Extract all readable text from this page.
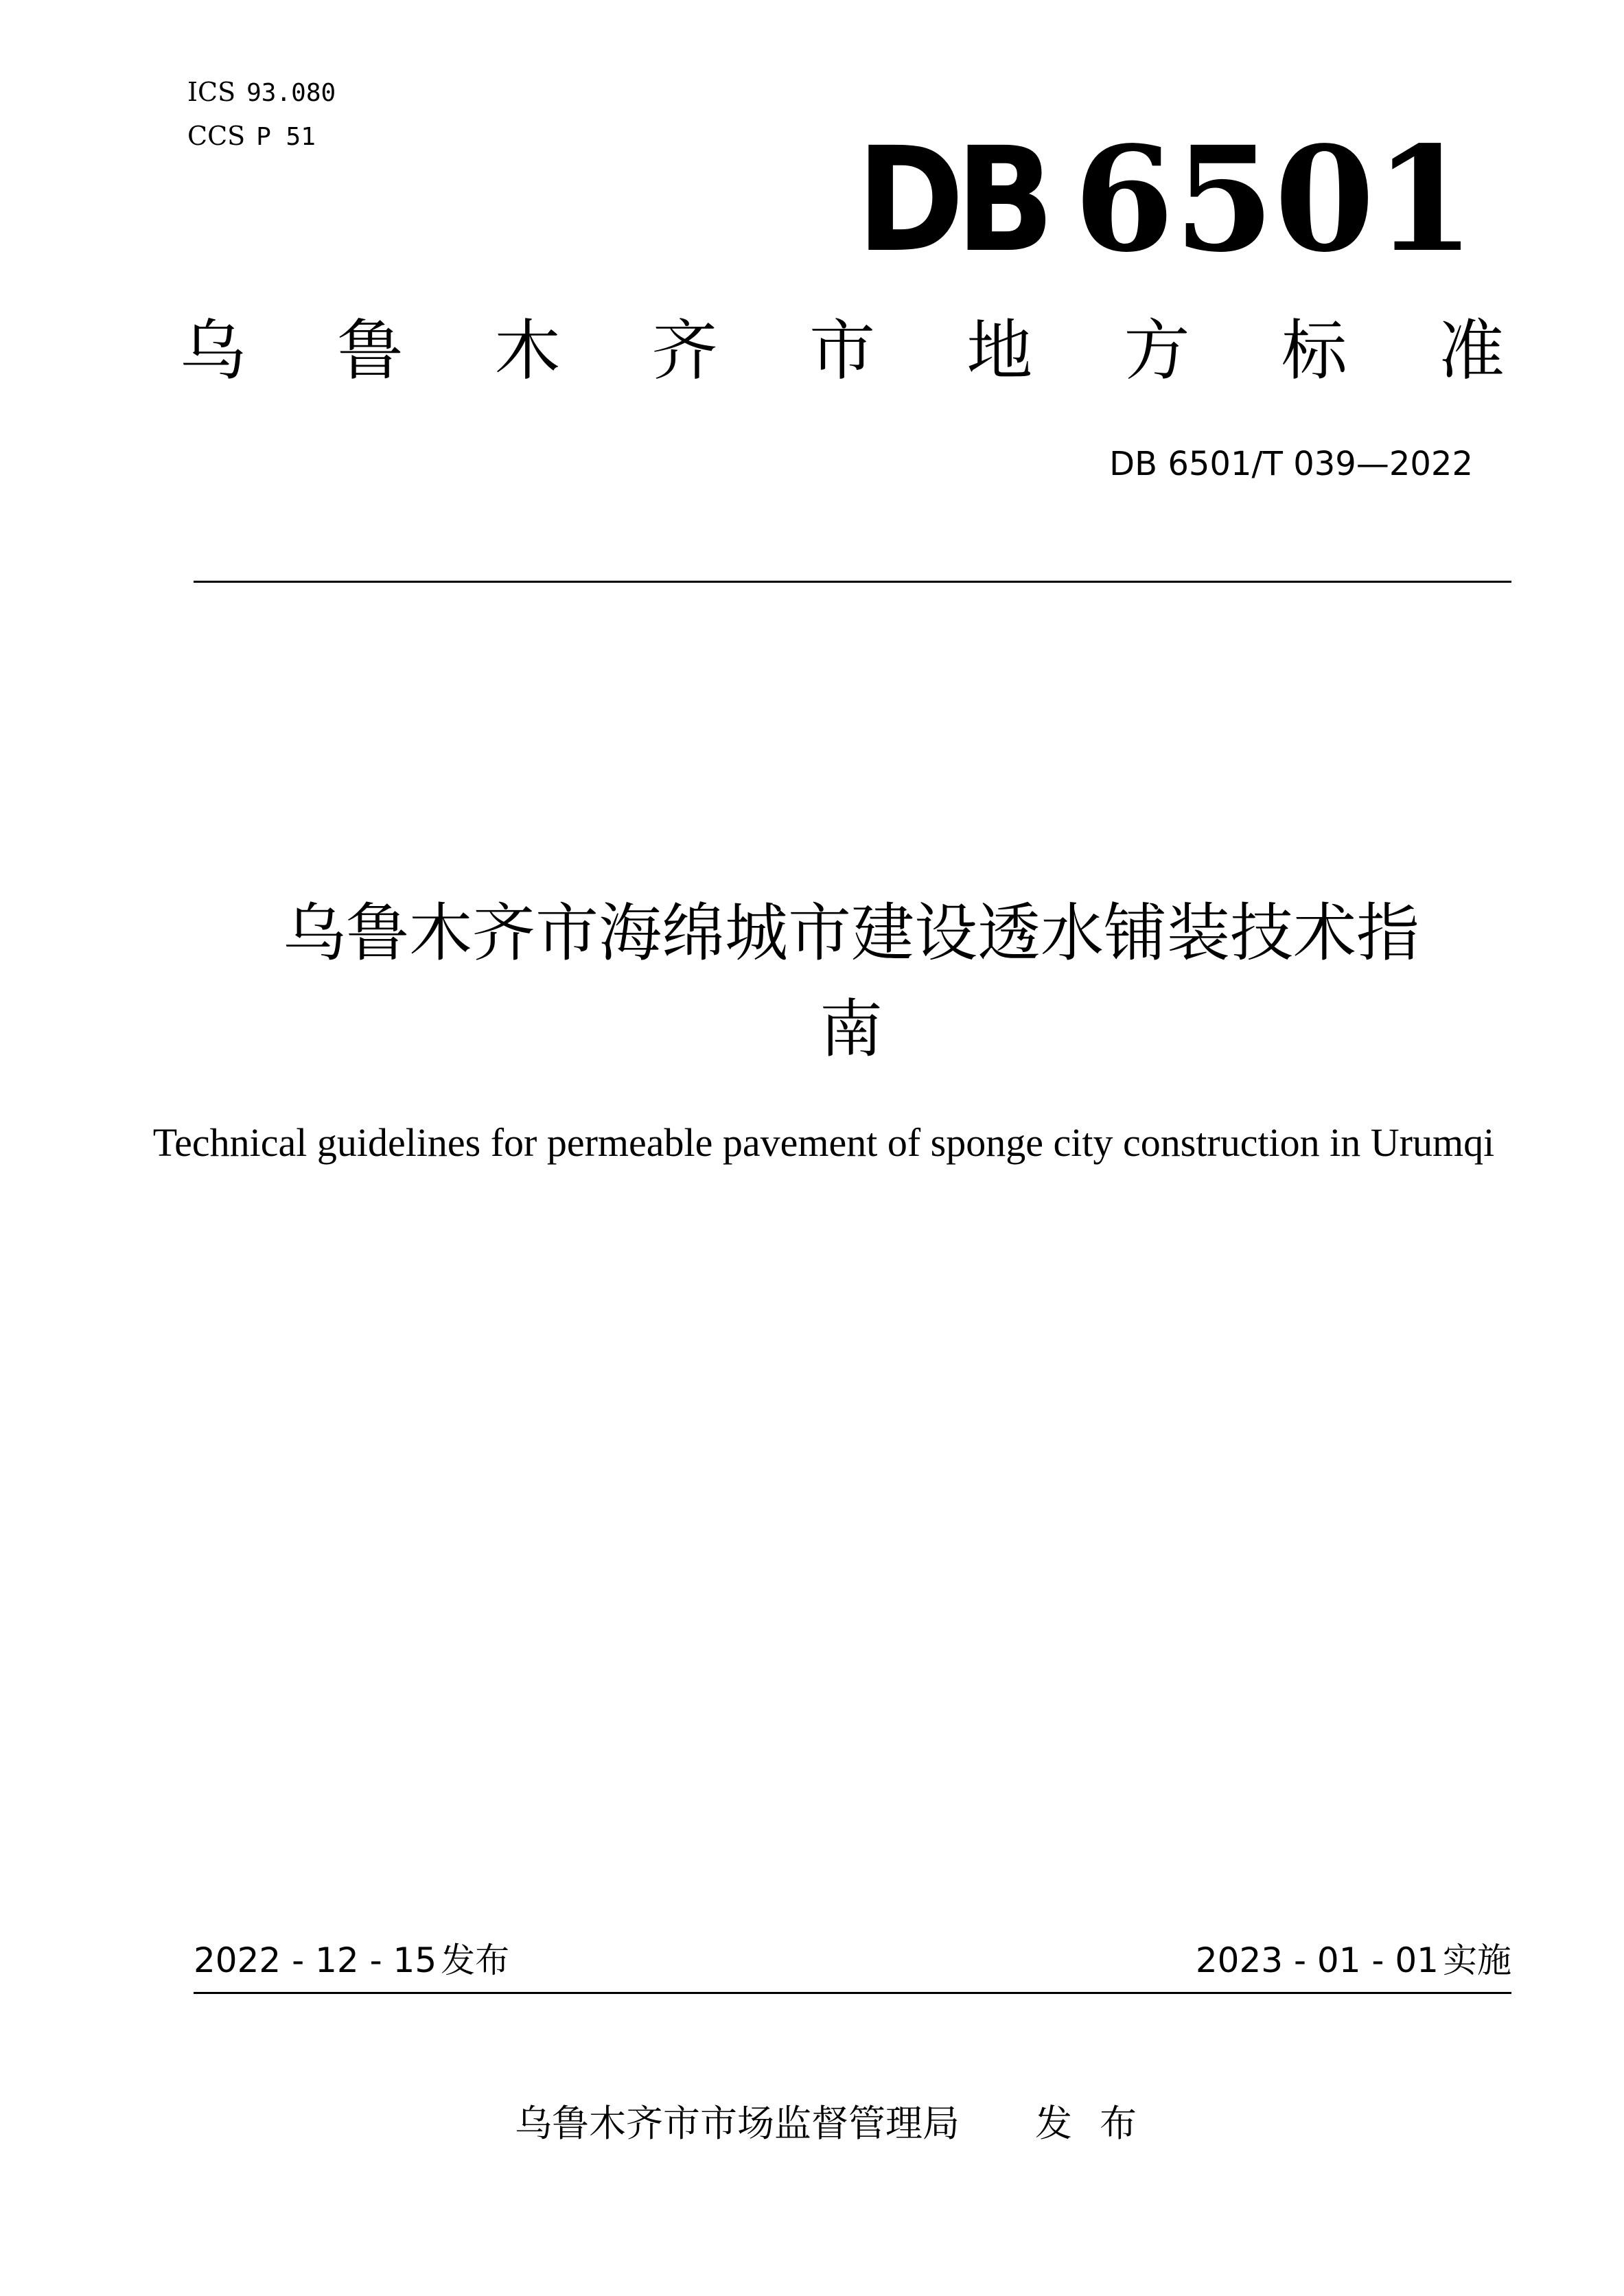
ICS 93.080
CCS P 51	DB 6501
乌 鲁 木 齐 市 地 方 标 准
DB 6501/T 039—2022
乌鲁木齐市海绵城市建设透水铺装技术指
南
Technical guidelines for permeable pavement of sponge city construction in Urumqi
2022 - 12 - 15 发布	2023 - 01 - 01 实施
乌鲁木齐市市场监督管理局 发布
